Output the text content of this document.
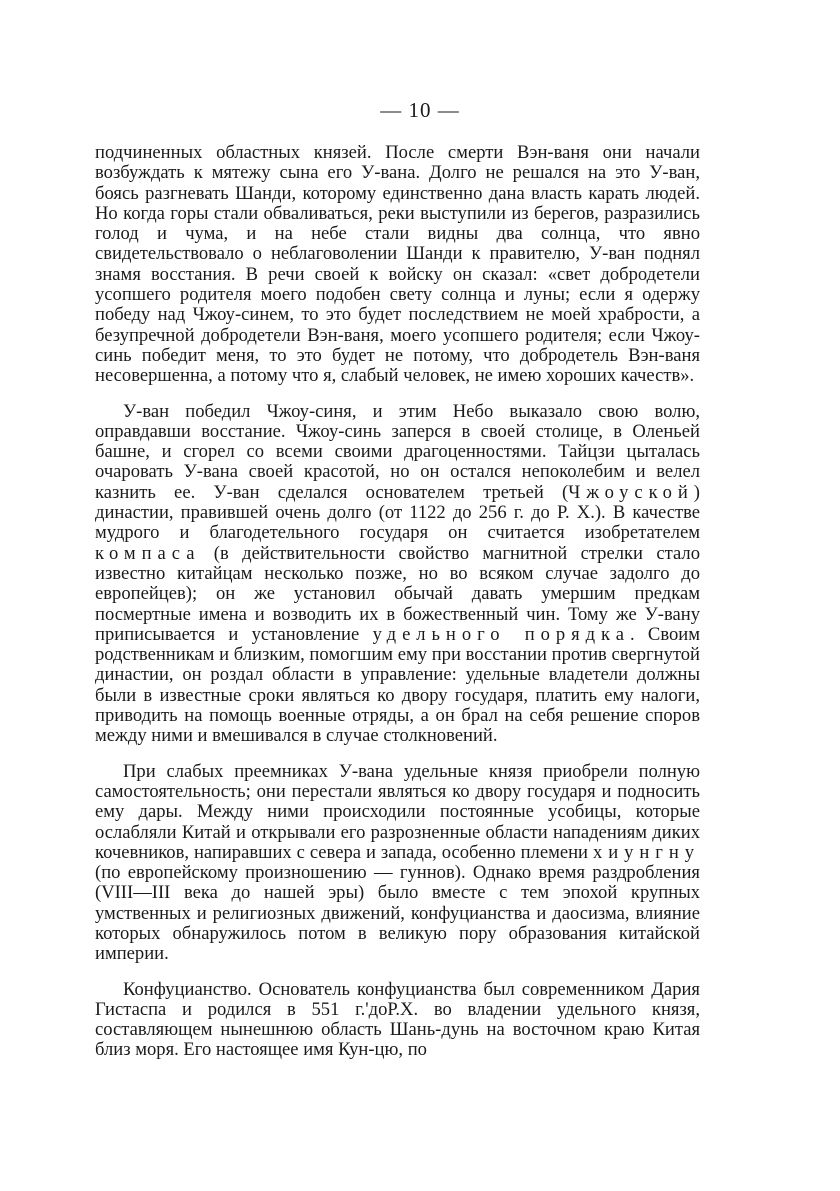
— 10 —

подчиненных областных князей. После смерти Вэн-ваня они начали возбуждать к мятежу сына его У-вана. Долго не решался на это У-ван, боясь разгневать Шанди, которому единственно дана власть карать людей. Но когда горы стали обваливаться, реки выступили из берегов, разразились голод и чума, и на небе стали видны два солнца, что явно свидетельствовало о неблаговолении Шанди к правителю, У-ван поднял знамя восстания. В речи своей к войску он сказал: «свет добродетели усопшего родителя моего подобен свету солнца и луны; если я одержу победу над Чжоу-синем, то это будет последствием не моей храбрости, а безупречной добродетели Вэн-ваня, моего усопшего родителя; если Чжоу-синь победит меня, то это будет не потому, что добродетель Вэн-ваня несовершенна, а потому что я, слабый человек, не имею хороших качеств».

У-ван победил Чжоу-синя, и этим Небо выказало свою волю, оправдавши восстание. Чжоу-синь заперся в своей столице, в Оленьей башне, и сгорел со всеми своими драгоценностями. Тайцзи цыталась очаровать У-вана своей красотой, но он остался непоколебим и велел казнить ее. У-ван сделался основателем третьей (Чжоуской) династии, правившей очень долго (от 1122 до 256 г. до Р. Х.). В качестве мудрого и благодетельного государя он считается изобретателем компаса (в действительности свойство магнитной стрелки стало известно китайцам несколько позже, но во всяком случае задолго до европейцев); он же установил обычай давать умершим предкам посмертные имена и возводить их в божественный чин. Тому же У-вану приписывается и установление удельного порядка. Своим родственникам и близким, помогшим ему при восстании против свергнутой династии, он роздал области в управление: удельные владетели должны были в известные сроки являться ко двору государя, платить ему налоги, приводить на помощь военные отряды, а он брал на себя решение споров между ними и вмешивался в случае столкновений.

При слабых преемниках У-вана удельные князя приобрели полную самостоятельность; они перестали являться ко двору государя и подносить ему дары. Между ними происходили постоянные усобицы, которые ослабляли Китай и открывали его разрозненные области нападениям диких кочевников, напиравших с севера и запада, особенно племени хиунгну (по европейскому произношению — гуннов). Однако время раздробления (VIII—III века до нашей эры) было вместе с тем эпохой крупных умственных и религиозных движений, конфуцианства и даосизма, влияние которых обнаружилось потом в великую пору образования китайской империи.

Конфуцианство. Основатель конфуцианства был современником Дария Гистаспа и родился в 551 г.'доР.Х. во владении удельного князя, составляющем нынешнюю область Шань-дунь на восточном краю Китая близ моря. Его настоящее имя Кун-цю, по
